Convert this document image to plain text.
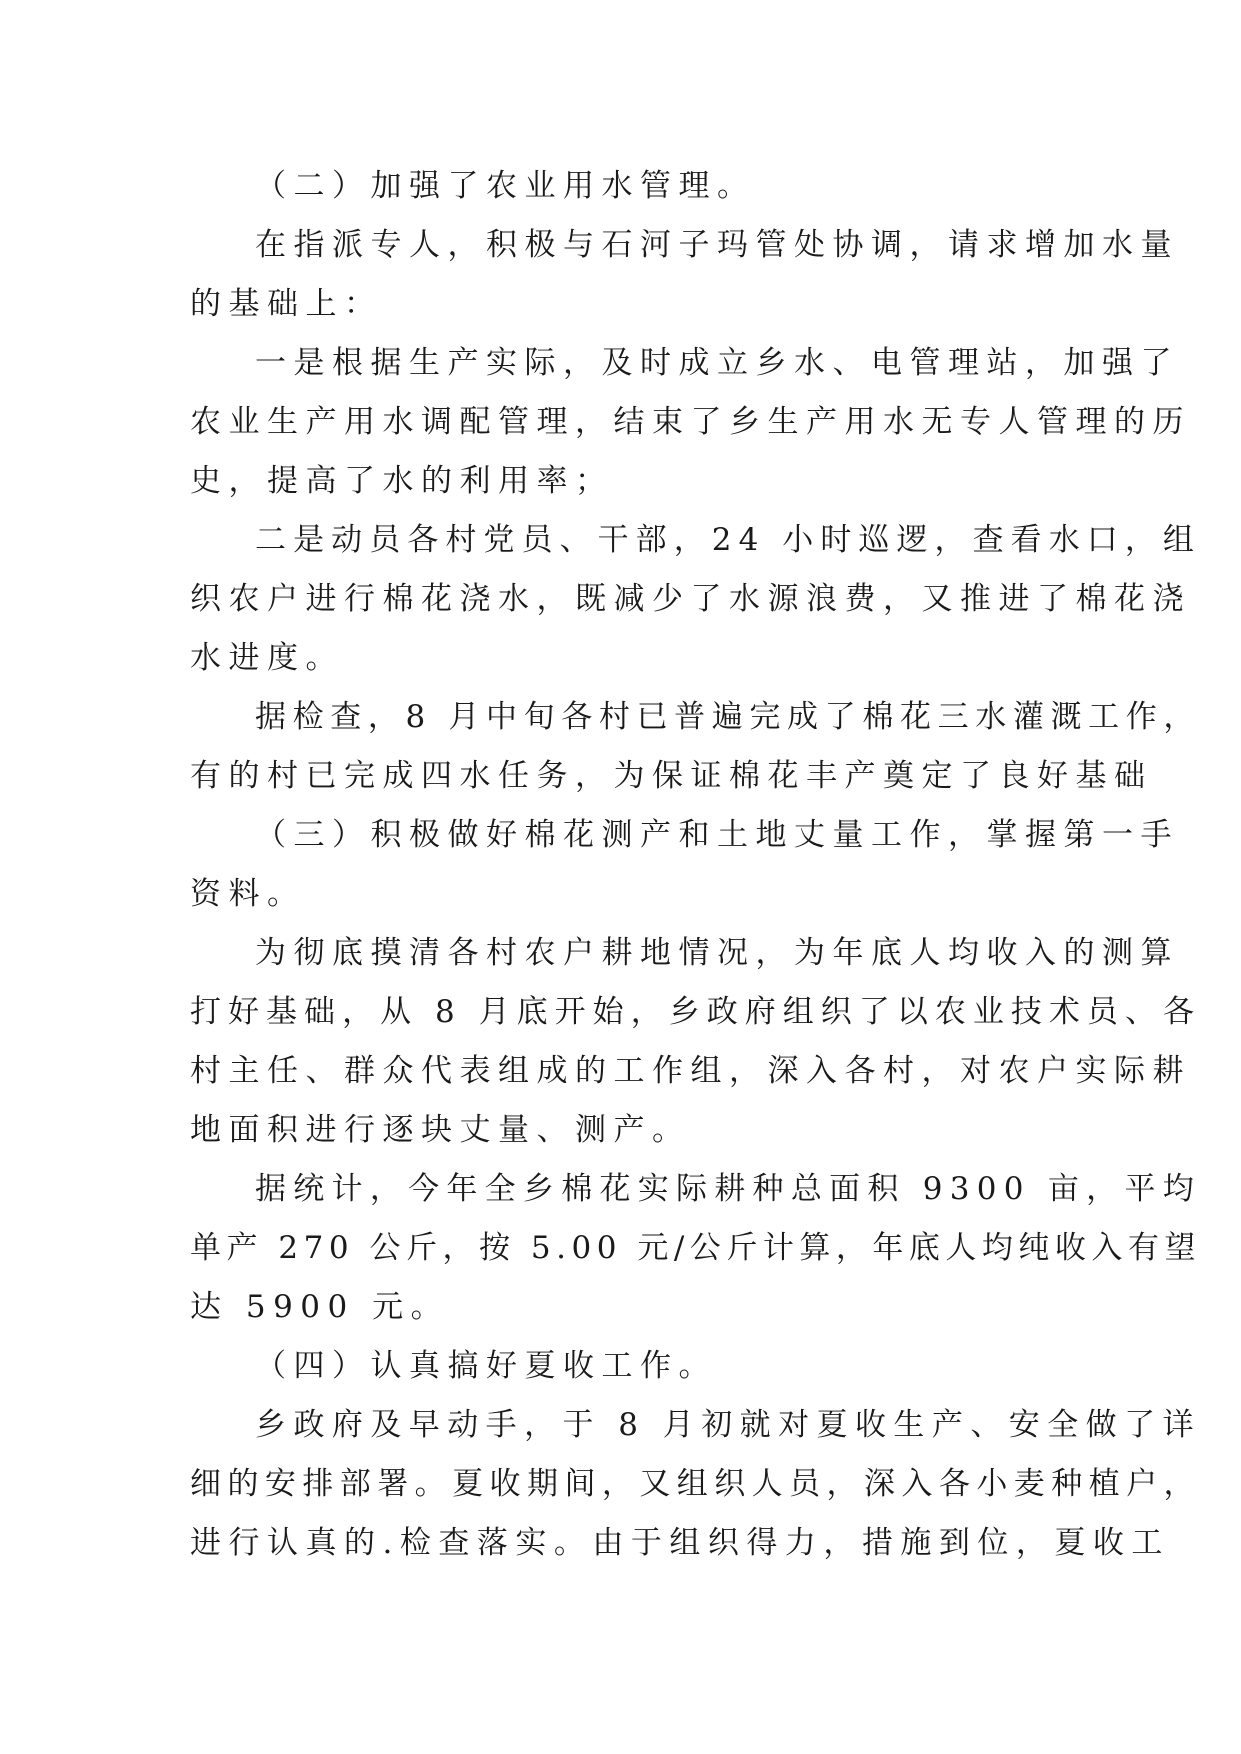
（二）加强了农业用水管理。
在指派专人，积极与石河子玛管处协调，请求增加水量
的基础上：
一是根据生产实际，及时成立乡水、电管理站，加强了
农业生产用水调配管理，结束了乡生产用水无专人管理的历
史，提高了水的利用率；
二是动员各村党员、干部，24 小时巡逻，查看水口，组
织农户进行棉花浇水，既减少了水源浪费，又推进了棉花浇
水进度。
据检查，8 月中旬各村已普遍完成了棉花三水灌溉工作，
有的村已完成四水任务，为保证棉花丰产奠定了良好基础
（三）积极做好棉花测产和土地丈量工作，掌握第一手
资料。
为彻底摸清各村农户耕地情况，为年底人均收入的测算
打好基础，从 8 月底开始，乡政府组织了以农业技术员、各
村主任、群众代表组成的工作组，深入各村，对农户实际耕
地面积进行逐块丈量、测产。
据统计，今年全乡棉花实际耕种总面积 9300 亩，平均
单产 270 公斤，按 5.00 元/公斤计算，年底人均纯收入有望
达 5900 元。
（四）认真搞好夏收工作。
乡政府及早动手，于 8 月初就对夏收生产、安全做了详
细的安排部署。夏收期间，又组织人员，深入各小麦种植户，
进行认真的.检查落实。由于组织得力，措施到位，夏收工
